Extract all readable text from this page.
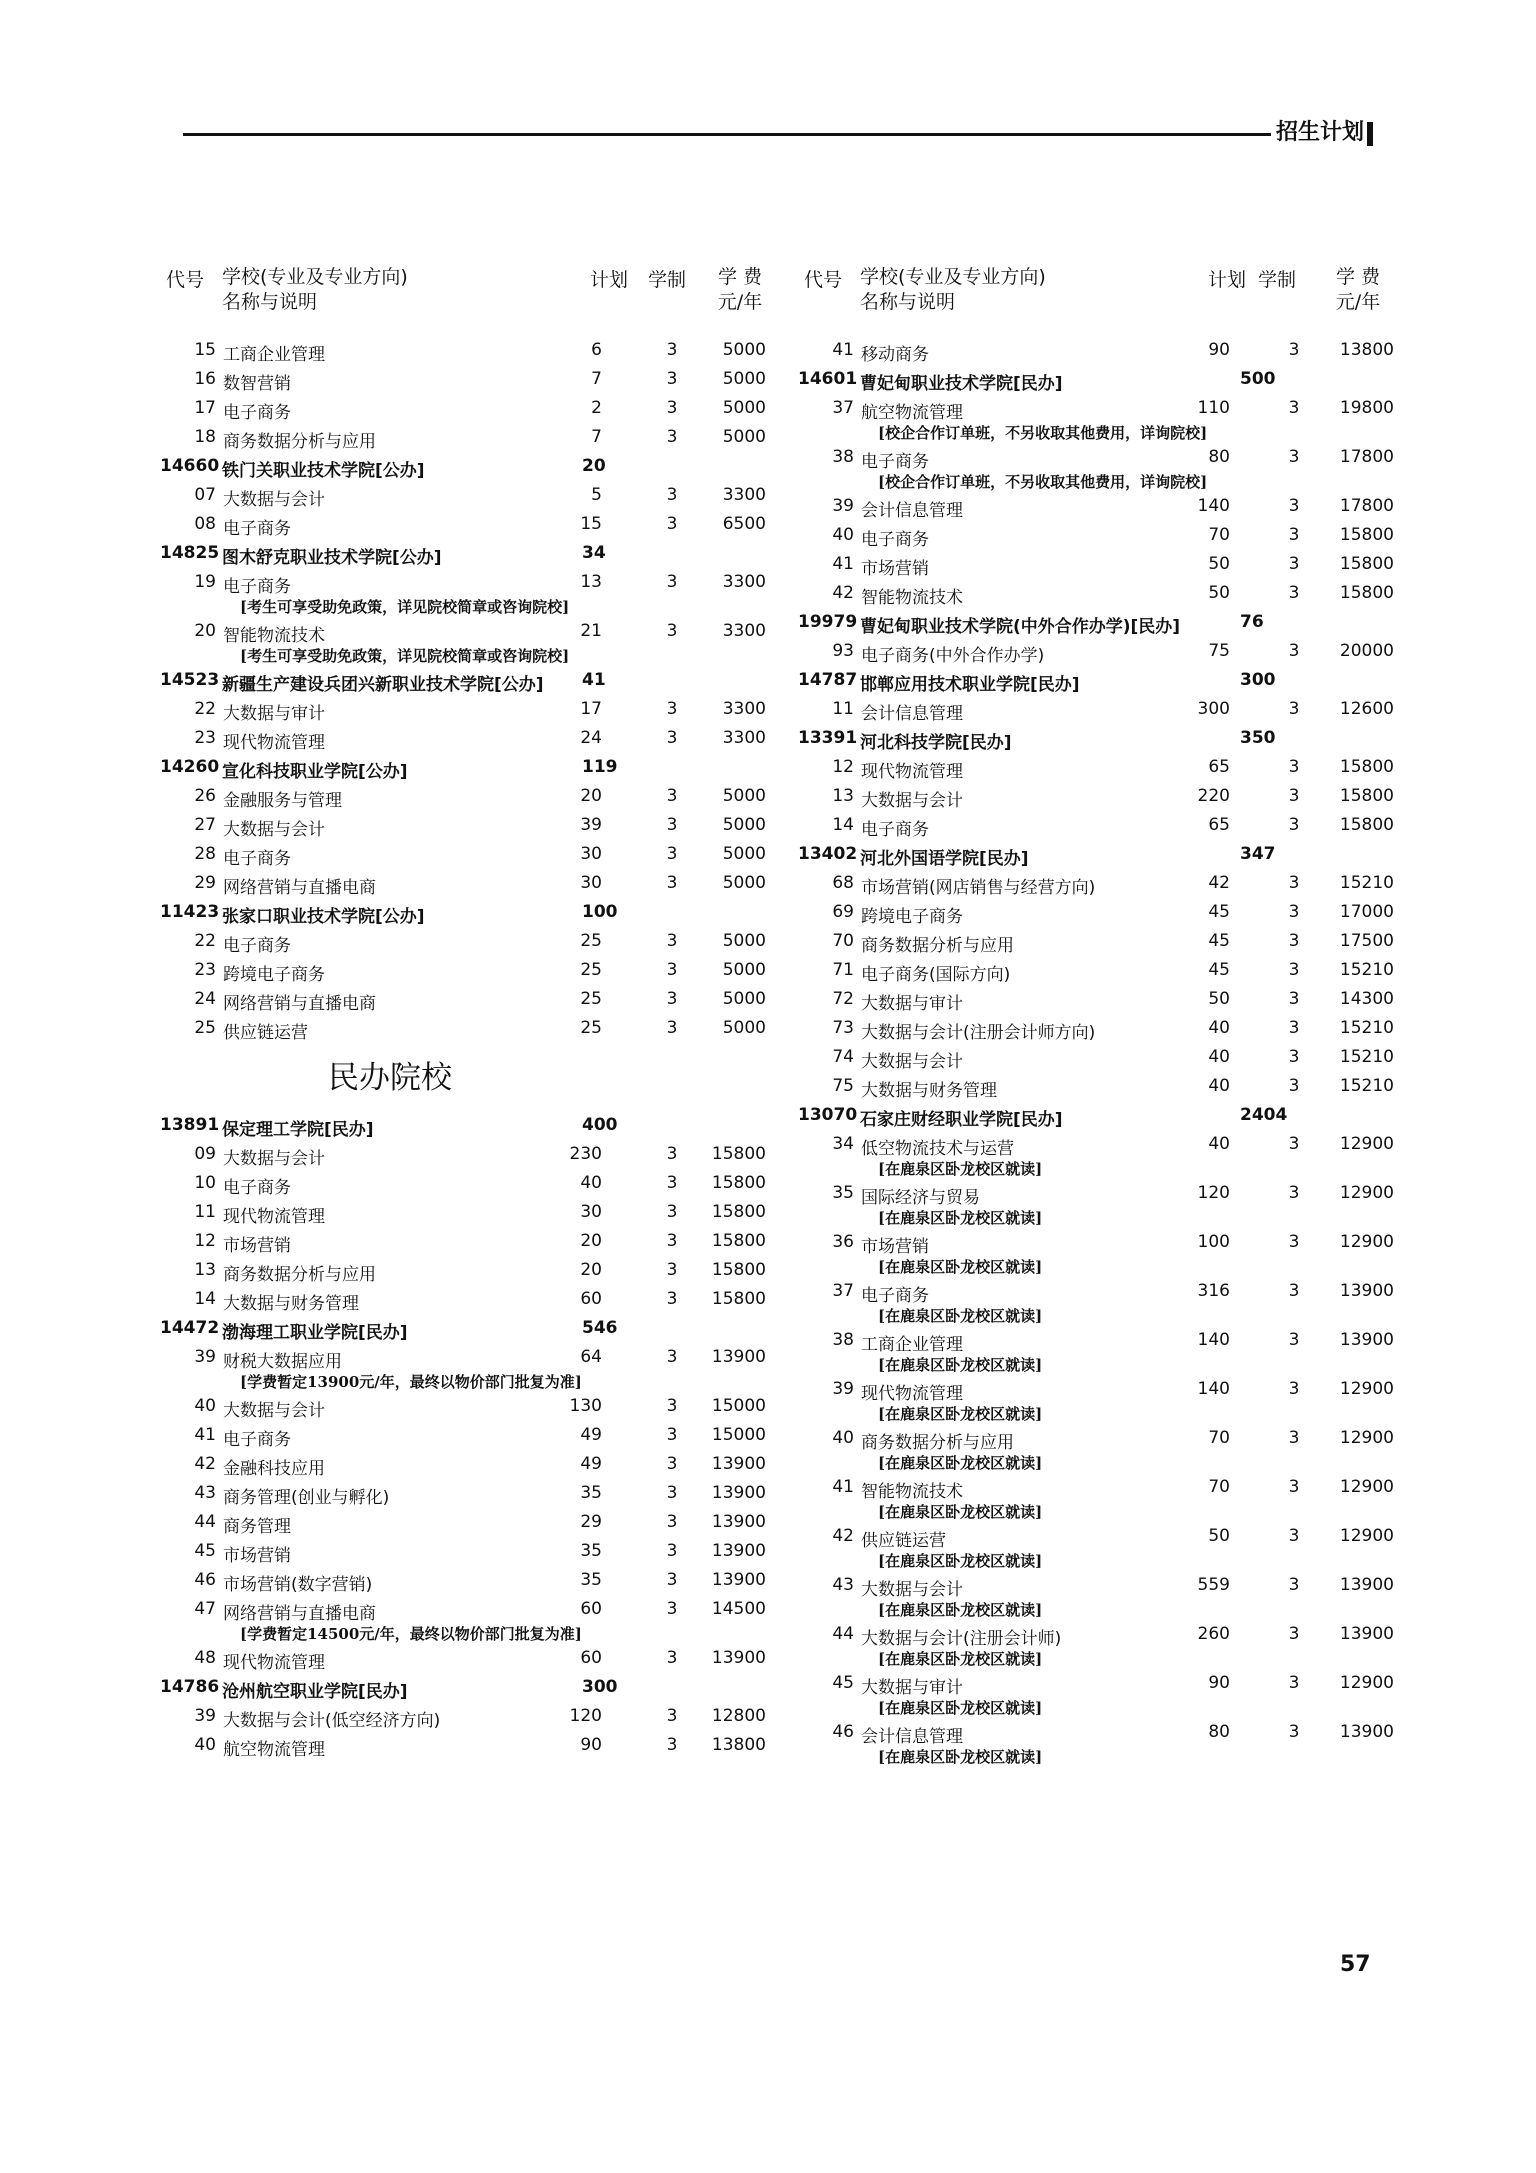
招生计划
代号 学校(专业及专业方向)
名称与说明
计划 学制	学 费
元/年
15 工商企业管理	6	3	5000
16 数智营销	7	3	5000
17 电子商务	2	3	5000
18 商务数据分析与应用	7	3	5000
14660 铁门关职业技术学院[公办]	20
07 大数据与会计	5	3	3300
08 电子商务	15	3	6500
14825 图木舒克职业技术学院[公办]	34
19 电子商务	13	3	3300
[考生可享受助免政策，详见院校简章或咨询院校]
20 智能物流技术	21	3	3300
[考生可享受助免政策，详见院校简章或咨询院校]
14523 新疆生产建设兵团兴新职业技术学院[公办] 41
22 大数据与审计	17	3	3300
23 现代物流管理	24	3	3300
14260 宣化科技职业学院[公办]	119
26 金融服务与管理	20	3	5000
27 大数据与会计	39	3	5000
28 电子商务	30	3	5000
29 网络营销与直播电商	30	3	5000
11423 张家口职业技术学院[公办]	100
22 电子商务	25	3	5000
23 跨境电子商务	25	3	5000
24 网络营销与直播电商	25	3	5000
25 供应链运营	25	3	5000
民办院校
13891 保定理工学院[民办]	400
09 大数据与会计	230	3	15800
10 电子商务	40	3	15800
11 现代物流管理	30	3	15800
12 市场营销	20	3	15800
13 商务数据分析与应用	20	3	15800
14 大数据与财务管理	60	3	15800
14472 渤海理工职业学院[民办]	546
39 财税大数据应用	64	3	13900
[学费暂定13900元/年，最终以物价部门批复为准]
40 大数据与会计	130	3	15000
41 电子商务	49	3	15000
42 金融科技应用	49	3	13900
43 商务管理(创业与孵化)	35	3	13900
44 商务管理	29	3	13900
45 市场营销	35	3	13900
46 市场营销(数字营销)	35	3	13900
47 网络营销与直播电商	60	3	14500
[学费暂定14500元/年，最终以物价部门批复为准]
48 现代物流管理	60	3	13900
14786 沧州航空职业学院[民办]	300
39 大数据与会计(低空经济方向)	120	3	12800
40 航空物流管理	90	3	13800
代号 学校(专业及专业方向)
名称与说明
计划 学制	学 费
元/年
41 移动商务	90	3	13800
14601 曹妃甸职业技术学院[民办]	500
37 航空物流管理	110	3	19800
[校企合作订单班，不另收取其他费用，详询院校]
38 电子商务	80	3	17800
[校企合作订单班，不另收取其他费用，详询院校]
39 会计信息管理	140	3	17800
40 电子商务	70	3	15800
41 市场营销	50	3	15800
42 智能物流技术	50	3	15800
19979 曹妃甸职业技术学院(中外合作办学)[民办]	76
93 电子商务(中外合作办学)	75	3	20000
14787 邯郸应用技术职业学院[民办]	300
11 会计信息管理	300	3	12600
13391 河北科技学院[民办]	350
12 现代物流管理	65	3	15800
13 大数据与会计	220	3	15800
14 电子商务	65	3	15800
13402 河北外国语学院[民办]	347
68 市场营销(网店销售与经营方向)	42	3	15210
69 跨境电子商务	45	3	17000
70 商务数据分析与应用	45	3	17500
71 电子商务(国际方向)	45	3	15210
72 大数据与审计	50	3	14300
73 大数据与会计(注册会计师方向)	40	3	15210
74 大数据与会计	40	3	15210
75 大数据与财务管理	40	3	15210
13070 石家庄财经职业学院[民办]	2404
34 低空物流技术与运营	40	3	12900
[在鹿泉区卧龙校区就读]
35 国际经济与贸易	120	3	12900
[在鹿泉区卧龙校区就读]
36 市场营销	100	3	12900
[在鹿泉区卧龙校区就读]
37 电子商务	316	3	13900
[在鹿泉区卧龙校区就读]
38 工商企业管理	140	3	13900
[在鹿泉区卧龙校区就读]
39 现代物流管理	140	3	12900
[在鹿泉区卧龙校区就读]
40 商务数据分析与应用	70	3	12900
[在鹿泉区卧龙校区就读]
41 智能物流技术	70	3	12900
[在鹿泉区卧龙校区就读]
42 供应链运营	50	3	12900
[在鹿泉区卧龙校区就读]
43 大数据与会计	559	3	13900
[在鹿泉区卧龙校区就读]
44 大数据与会计(注册会计师)	260	3	13900
[在鹿泉区卧龙校区就读]
45 大数据与审计	90	3	12900
[在鹿泉区卧龙校区就读]
46 会计信息管理	80	3	13900
[在鹿泉区卧龙校区就读]
57
